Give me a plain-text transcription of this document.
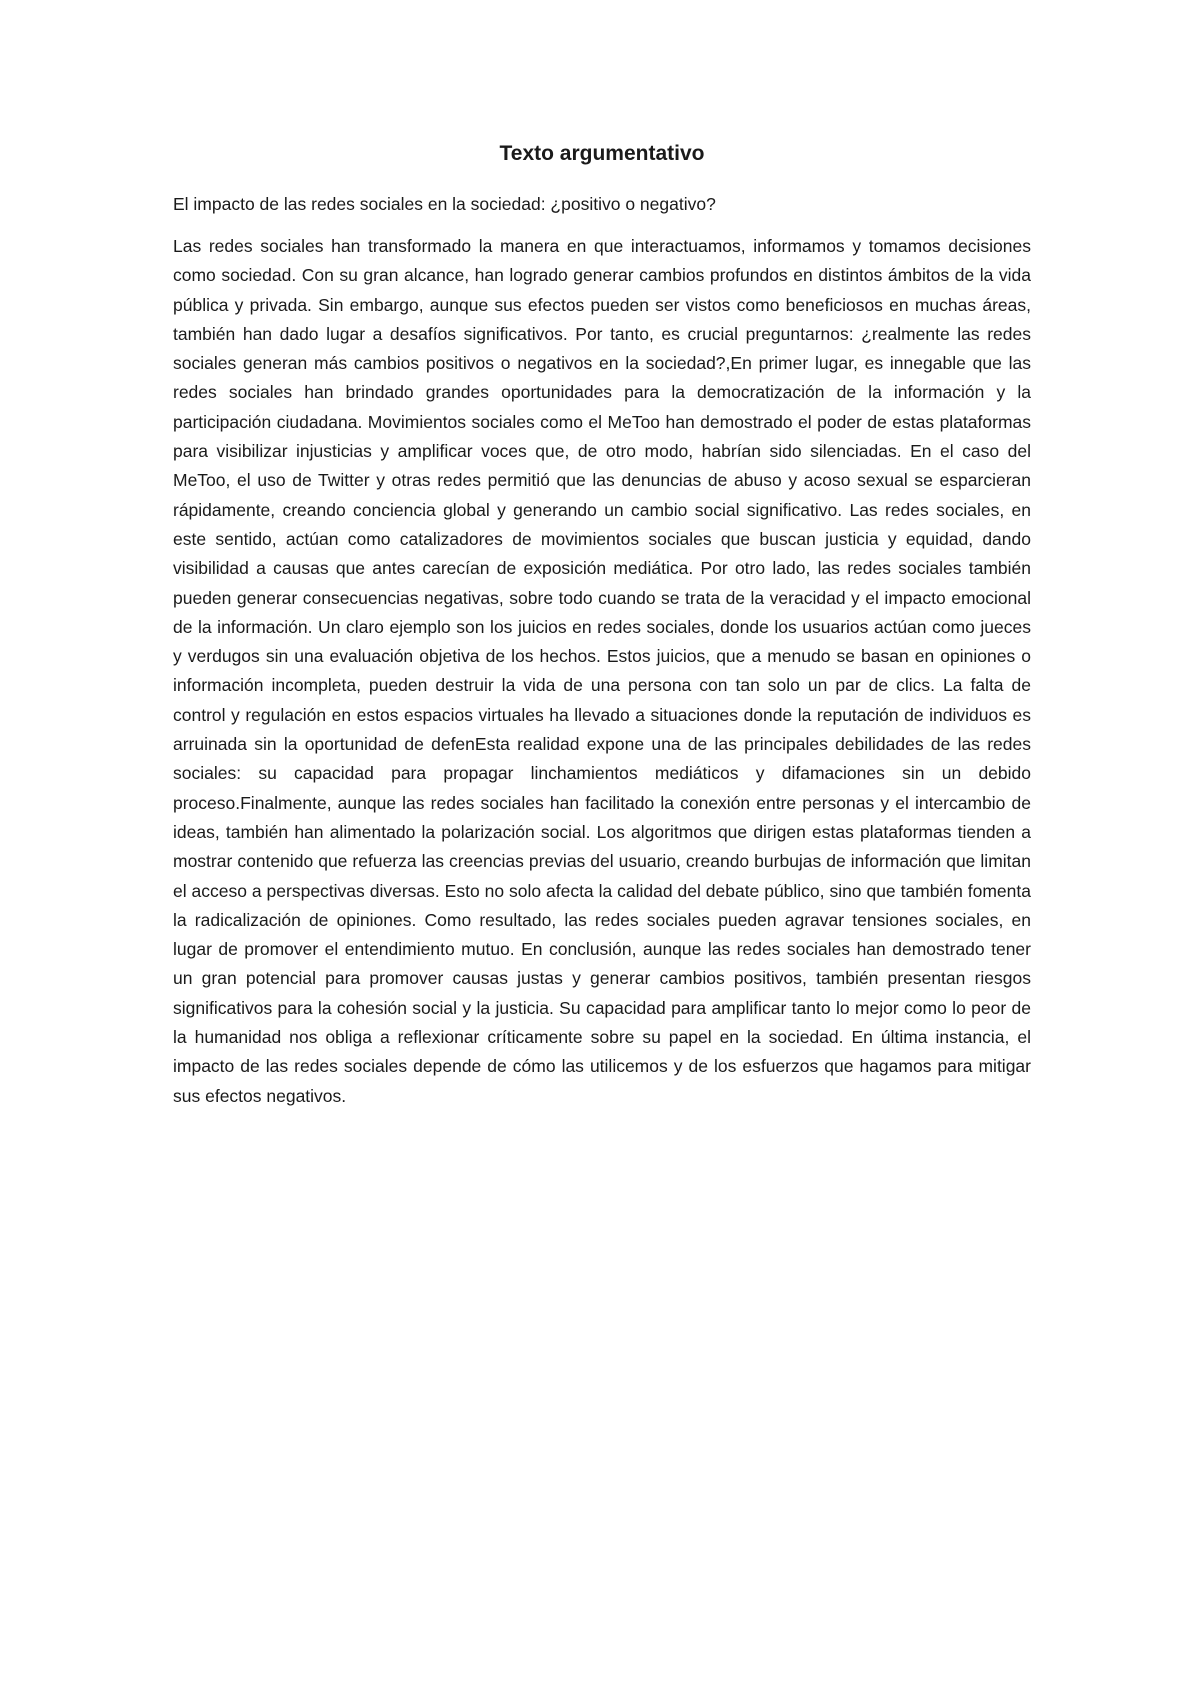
Texto argumentativo

El impacto de las redes sociales en la sociedad: ¿positivo o negativo?

Las redes sociales han transformado la manera en que interactuamos, informamos y tomamos decisiones como sociedad. Con su gran alcance, han logrado generar cambios profundos en distintos ámbitos de la vida pública y privada. Sin embargo, aunque sus efectos pueden ser vistos como beneficiosos en muchas áreas, también han dado lugar a desafíos significativos. Por tanto, es crucial preguntarnos: ¿realmente las redes sociales generan más cambios positivos o negativos en la sociedad?,En primer lugar, es innegable que las redes sociales han brindado grandes oportunidades para la democratización de la información y la participación ciudadana. Movimientos sociales como el MeToo han demostrado el poder de estas plataformas para visibilizar injusticias y amplificar voces que, de otro modo, habrían sido silenciadas. En el caso del MeToo, el uso de Twitter y otras redes permitió que las denuncias de abuso y acoso sexual se esparcieran rápidamente, creando conciencia global y generando un cambio social significativo. Las redes sociales, en este sentido, actúan como catalizadores de movimientos sociales que buscan justicia y equidad, dando visibilidad a causas que antes carecían de exposición mediática. Por otro lado, las redes sociales también pueden generar consecuencias negativas, sobre todo cuando se trata de la veracidad y el impacto emocional de la información. Un claro ejemplo son los juicios en redes sociales, donde los usuarios actúan como jueces y verdugos sin una evaluación objetiva de los hechos. Estos juicios, que a menudo se basan en opiniones o información incompleta, pueden destruir la vida de una persona con tan solo un par de clics. La falta de control y regulación en estos espacios virtuales ha llevado a situaciones donde la reputación de individuos es arruinada sin la oportunidad de defenEsta realidad expone una de las principales debilidades de las redes sociales: su capacidad para propagar linchamientos mediáticos y difamaciones sin un debido proceso.Finalmente, aunque las redes sociales han facilitado la conexión entre personas y el intercambio de ideas, también han alimentado la polarización social. Los algoritmos que dirigen estas plataformas tienden a mostrar contenido que refuerza las creencias previas del usuario, creando burbujas de información que limitan el acceso a perspectivas diversas. Esto no solo afecta la calidad del debate público, sino que también fomenta la radicalización de opiniones. Como resultado, las redes sociales pueden agravar tensiones sociales, en lugar de promover el entendimiento mutuo. En conclusión, aunque las redes sociales han demostrado tener un gran potencial para promover causas justas y generar cambios positivos, también presentan riesgos significativos para la cohesión social y la justicia. Su capacidad para amplificar tanto lo mejor como lo peor de la humanidad nos obliga a reflexionar críticamente sobre su papel en la sociedad. En última instancia, el impacto de las redes sociales depende de cómo las utilicemos y de los esfuerzos que hagamos para mitigar sus efectos negativos.
